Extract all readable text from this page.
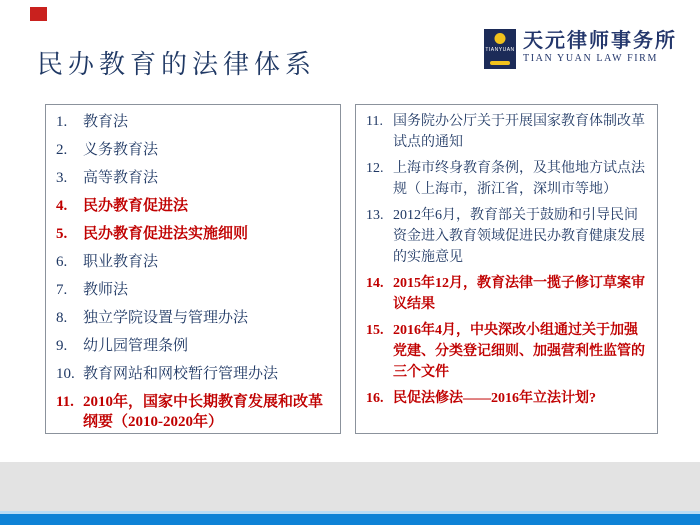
民办教育的法律体系	TIANYUAN 天元律师事务所
TIAN YUAN LAW FIRM
1.	教育法
2.	义务教育法
3.	高等教育法
4.	民办教育促进法
5.	民办教育促进法实施细则
6.	职业教育法
7.	教师法
8.	独立学院设置与管理办法
9.	幼儿园管理条例
10. 教育网站和网校暂行管理办法
11. 2010年，国家中长期教育发展和改革纲要（2010-2020年）
11. 国务院办公厅关于开展国家教育体制改革试点的通知
12. 上海市终身教育条例，及其他地方试点法规（上海市，浙江省，深圳市等地）
13. 2012年6月，教育部关于鼓励和引导民间资金进入教育领域促进民办教育健康发展的实施意见
14. 2015年12月，教育法律一揽子修订草案审议结果
15. 2016年4月，中央深改小组通过关于加强党建、分类登记细则、加强营利性监管的三个文件
16. 民促法修法——2016年立法计划?
